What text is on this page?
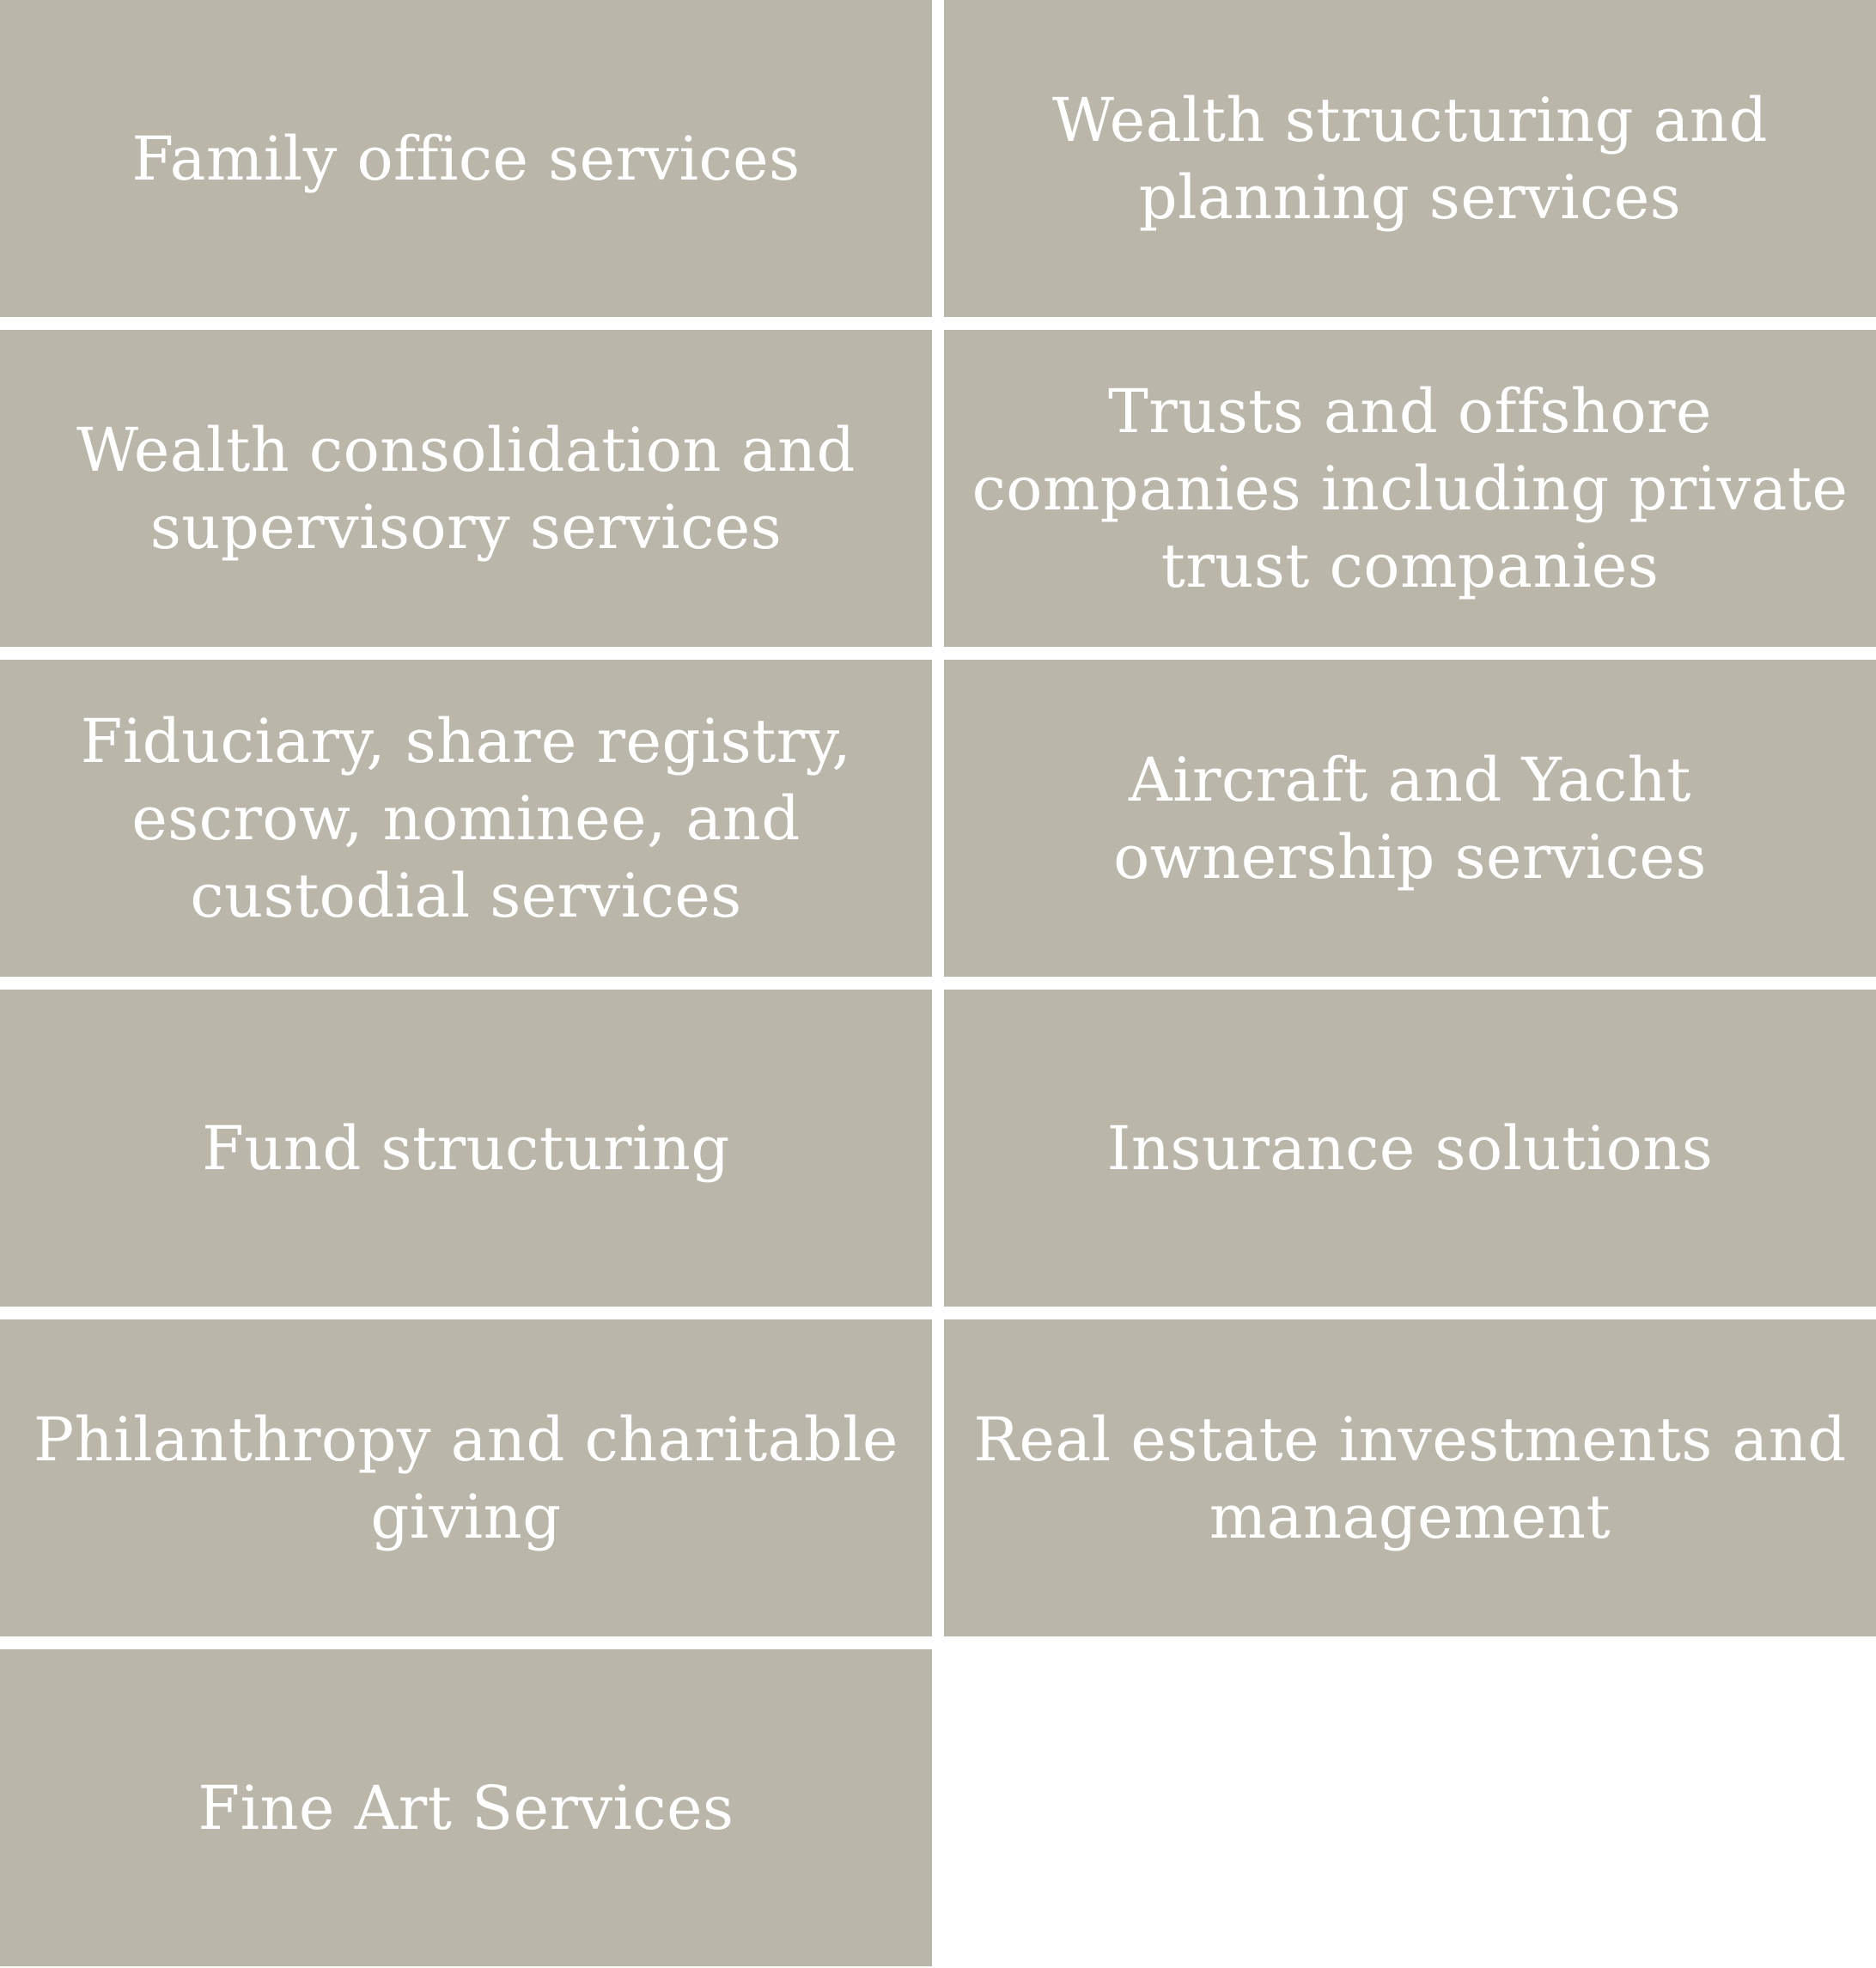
Family office services
Wealth structuring and planning services
Wealth consolidation and supervisory services
Trusts and offshore companies including private trust companies
Fiduciary, share registry, escrow, nominee, and custodial services
Aircraft and Yacht ownership services
Fund structuring	Insurance solutions
Philanthropy and charitable giving
Real estate investments and management
Fine Art Services
